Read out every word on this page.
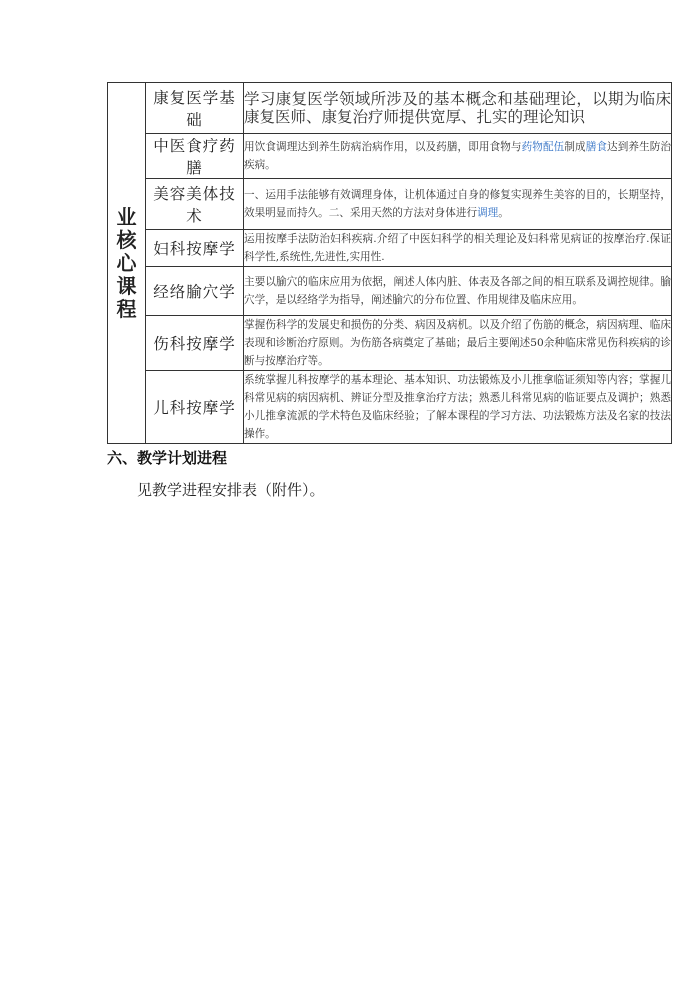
业
核
心
课
程	康复医学基础	学习康复医学领域所涉及的基本概念和基础理论，以期为临床康复医师、康复治疗师提供宽厚、扎实的理论知识
	中医食疗药膳	用饮食调理达到养生防病治病作用，以及药膳，即用食物与药物配伍制成膳食达到养生防治疾病。
	美容美体技术	一、运用手法能够有效调理身体，让机体通过自身的修复实现养生美容的目的，长期坚持，效果明显而持久。二、采用天然的方法对身体进行调理。
	妇科按摩学	运用按摩手法防治妇科疾病.介绍了中医妇科学的相关理论及妇科常见病证的按摩治疗.保证科学性,系统性,先进性,实用性.
	经络腧穴学	主要以腧穴的临床应用为依据，阐述人体内脏、体表及各部之间的相互联系及调控规律。腧穴学，是以经络学为指导，阐述腧穴的分布位置、作用规律及临床应用。
	伤科按摩学	掌握伤科学的发展史和损伤的分类、病因及病机。以及介绍了伤筋的概念，病因病理、临床表现和诊断治疗原则。为伤筋各病奠定了基础；最后主要阐述50余种临床常见伤科疾病的诊断与按摩治疗等。
	儿科按摩学	系统掌握儿科按摩学的基本理论、基本知识、功法锻炼及小儿推拿临证须知等内容；掌握儿科常见病的病因病机、辨证分型及推拿治疗方法；熟悉儿科常见病的临证要点及调护；熟悉小儿推拿流派的学术特色及临床经验；了解本课程的学习方法、功法锻炼方法及名家的技法操作。
六、教学计划进程
见教学进程安排表（附件）。
